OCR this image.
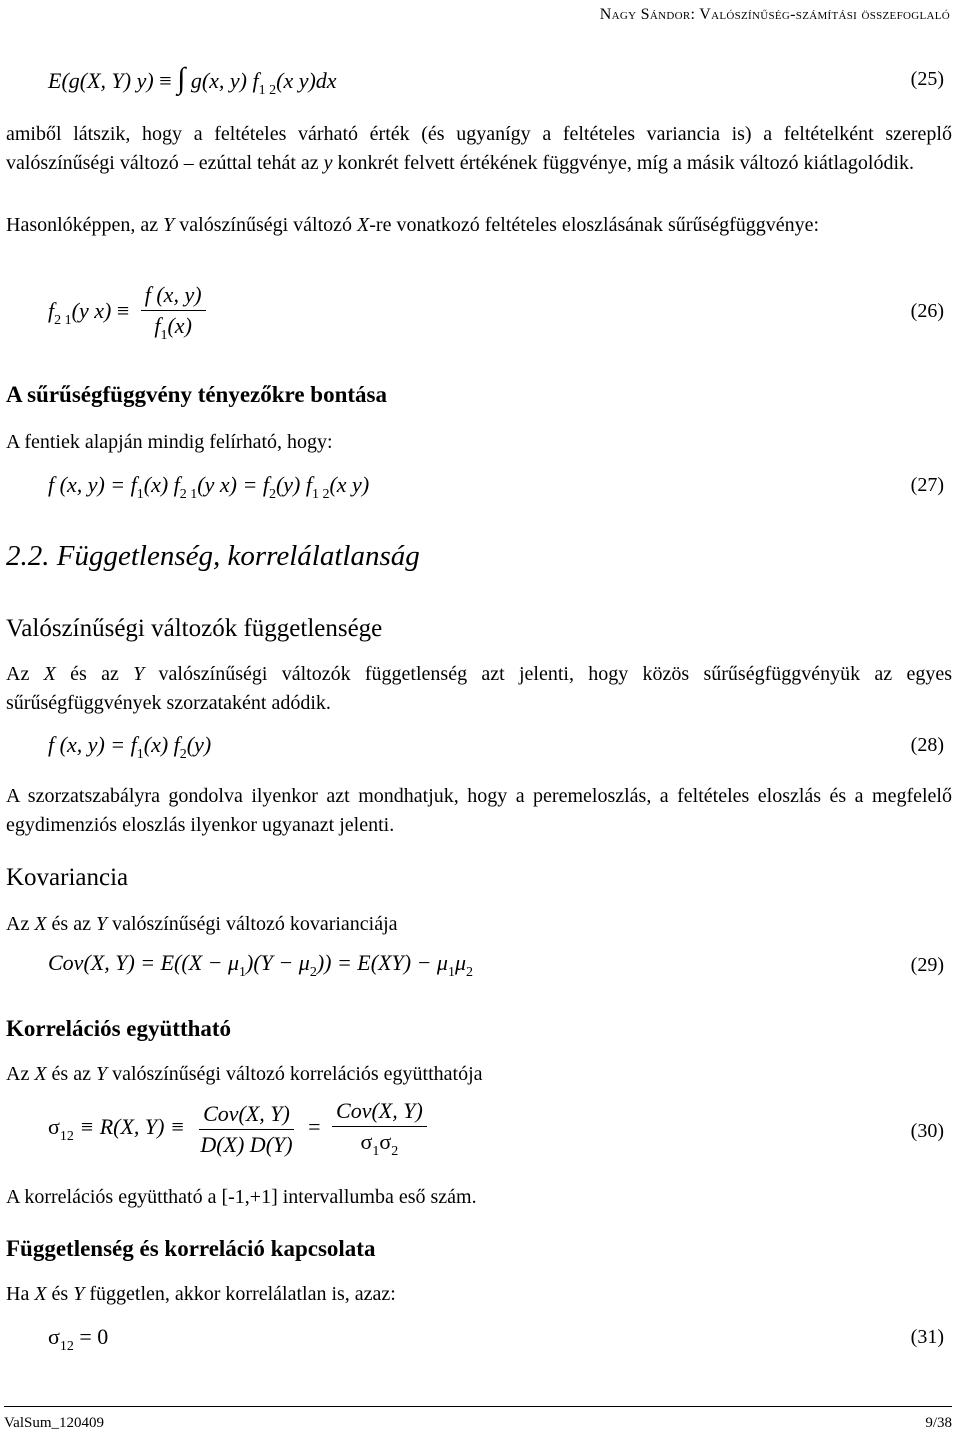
Nagy Sándor: Valószínűség-számítási összefoglaló
E(g(X, Y) y) ≡ ∫ g(x, y) $f_{1 2}(x$ y)dx	(25)
amiből látszik, hogy a feltételes várható érték (és ugyanígy a feltételes variancia is) a feltételként szereplő valószínűségi változó – ezúttal tehát az y konkrét felvett értékének függvénye, míg a másik változó kiátlagolódik.
Hasonlóképpen, az Y valószínűségi változó X-re vonatkozó feltételes eloszlásának sűrűségfüggvénye:
$f_{2 1}(y$ $x) \equiv \frac{f (x, y)}{f_1(x)}$	(26)
A sűrűségfüggvény tényezőkre bontása
A fentiek alapján mindig felírható, hogy:
f (x, $y) = f_1(x)$ $f_{2 1}(y$ $x) = f_2(y)$ $f_{1 2}(x$ y)	(27)
2.2. Függetlenség, korrelálatlanság
Valószínűségi változók függetlensége
Az X és az Y valószínűségi változók függetlenség azt jelenti, hogy közös sűrűségfüggvényük az egyes sűrűségfüggvények szorzataként adódik.
f (x, $y) = f_1(x)$ $f_2(y)$	(28)
A szorzatszabályra gondolva ilyenkor azt mondhatjuk, hogy a peremeloszlás, a feltételes eloszlás és a megfelelő egydimenziós eloszlás ilyenkor ugyanazt jelenti.
Kovariancia
Az X és az Y valószínűségi változó kovarianciája
Cov(X, $Y) = E((X - \mu_1)(Y - \mu_2)) = E(XY) - \mu_1\mu_2$	(29)
Korrelációs együttható
Az X és az Y valószínűségi változó korrelációs együtthatója
$\sigma_{12} \equiv R(X$, $Y) \equiv \frac{\text{Cov(X, Y)}}{D(X) D(Y)} = \frac{\text{Cov(X, Y)}}{\sigma_1\sigma_2}$	(30)
A korrelációs együttható a [-1,+1] intervallumba eső szám.
Függetlenség és korreláció kapcsolata
Ha X és Y független, akkor korrelálatlan is, azaz:
$\sigma_{12} = 0$	(31)
ValSum_120409	9/38
